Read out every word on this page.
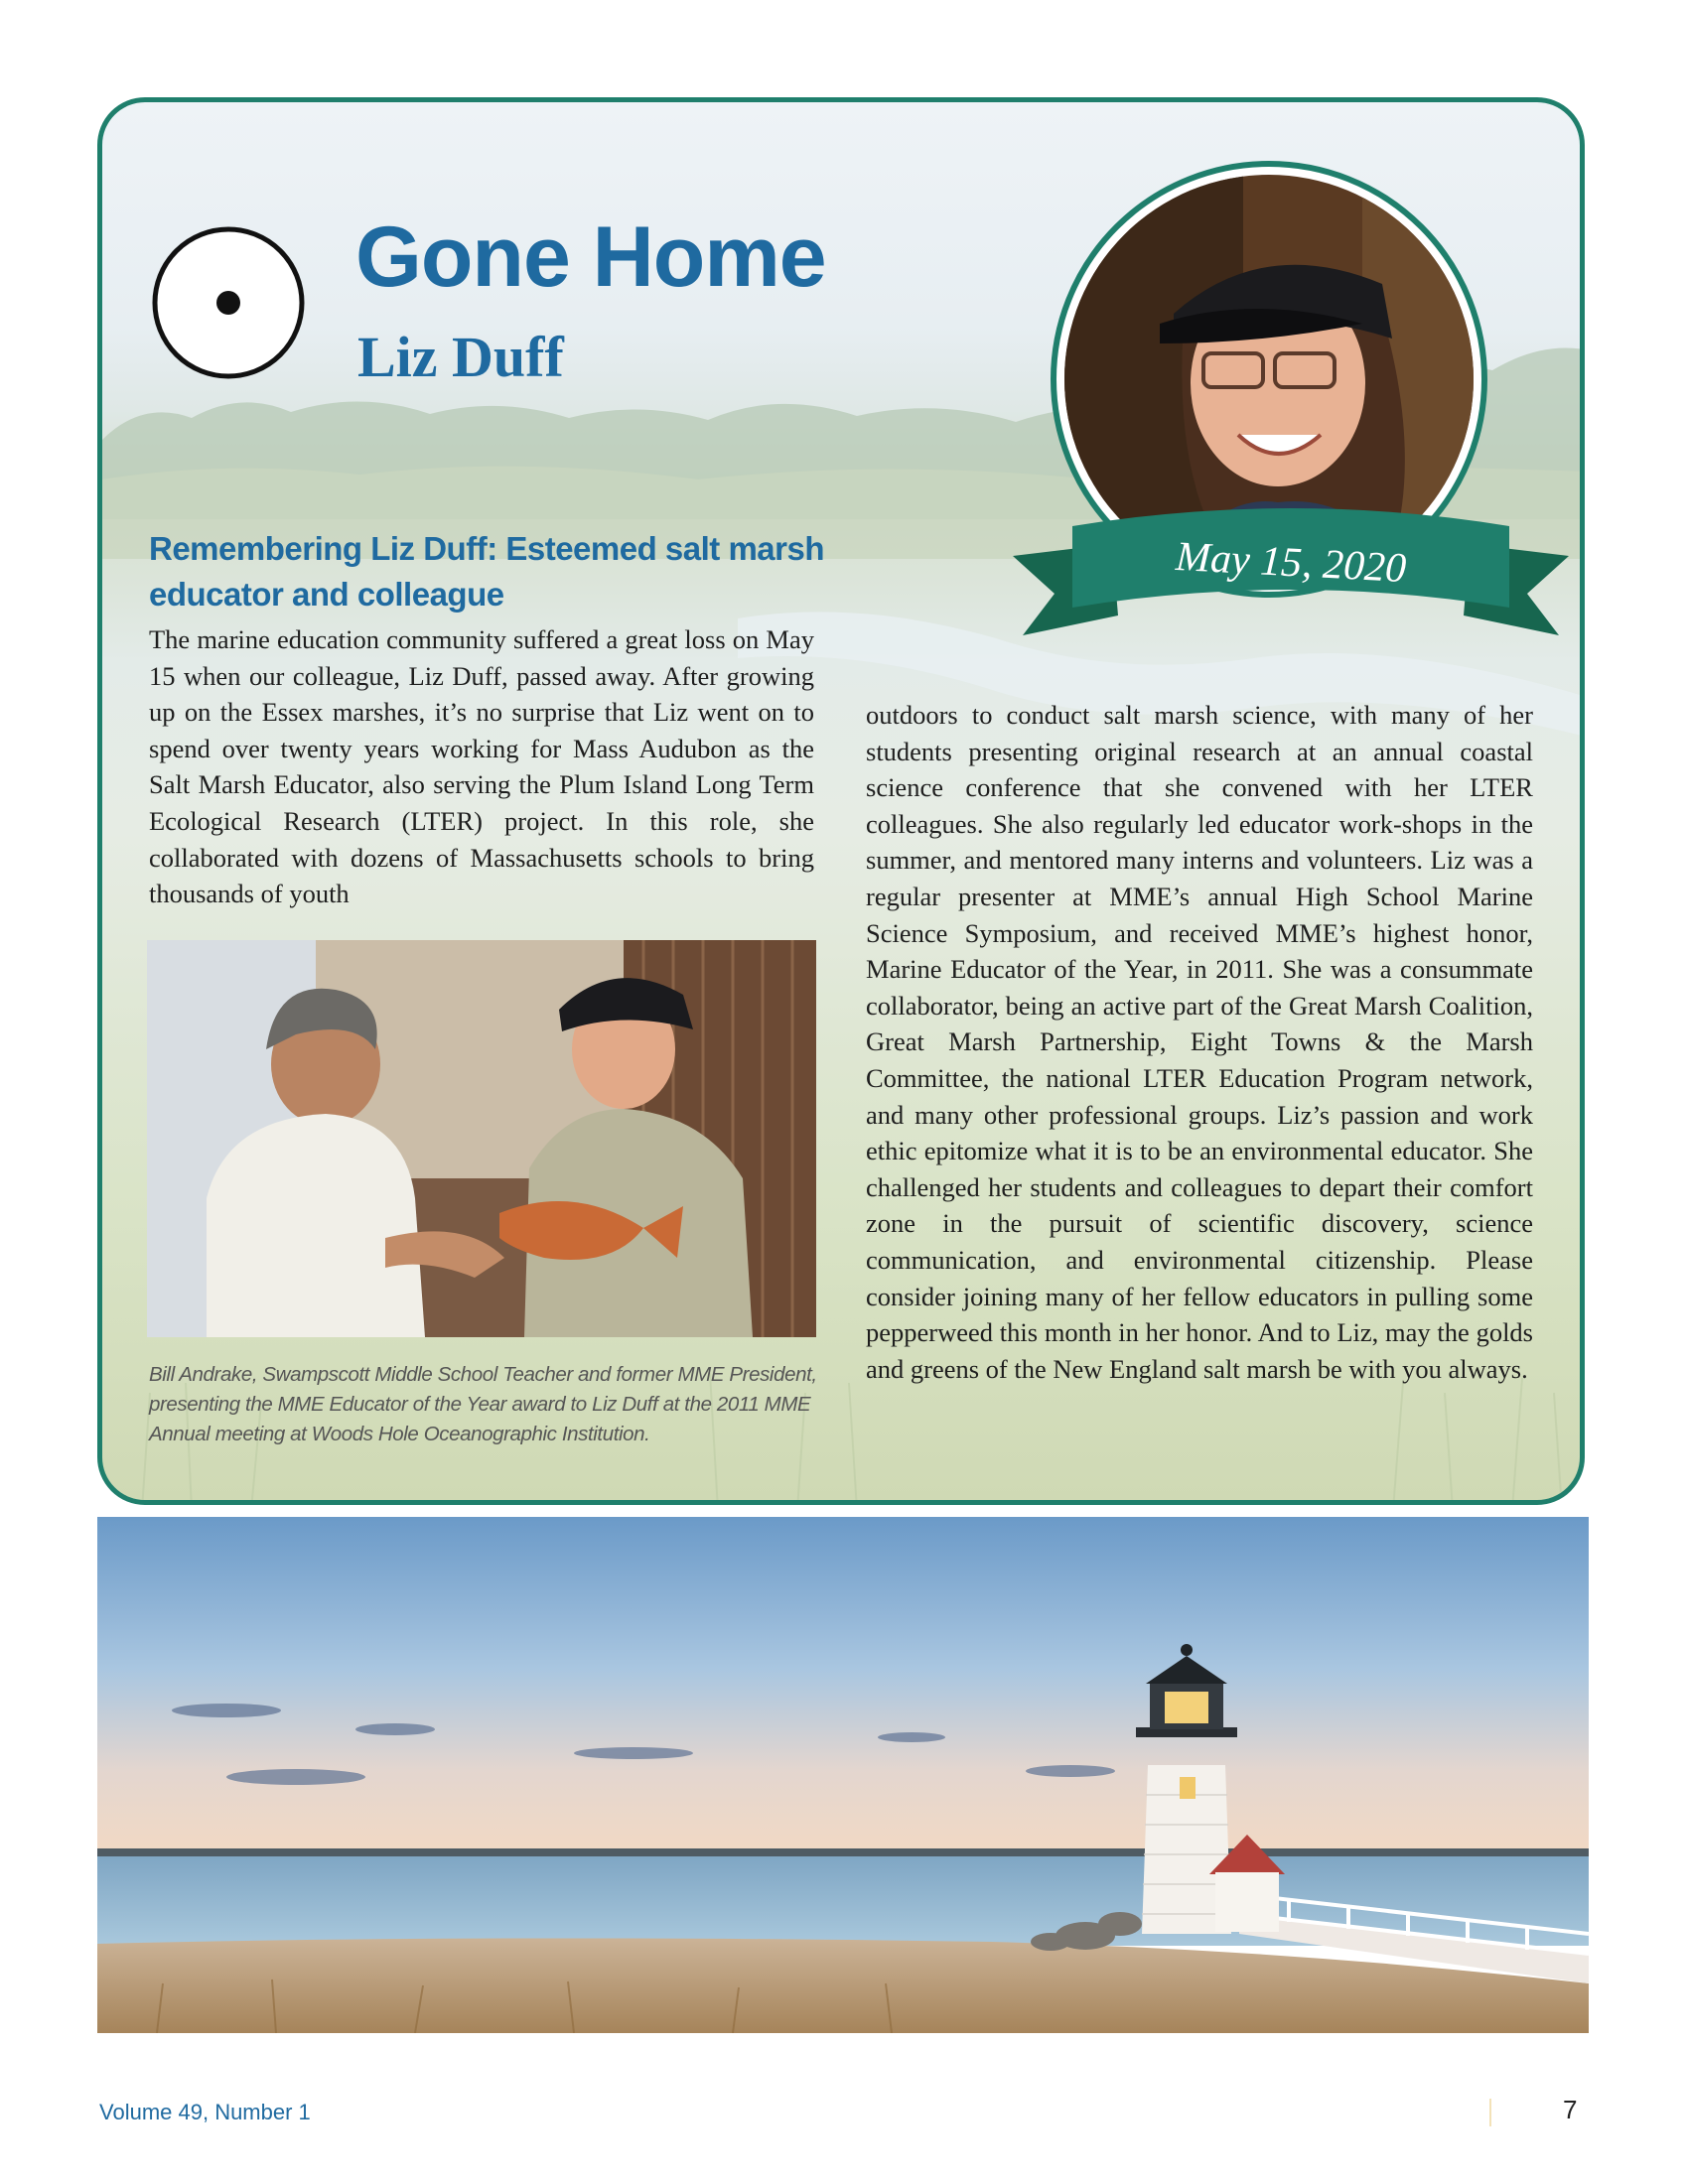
Gone Home
Liz Duff
May 15, 2020
Remembering Liz Duff: Esteemed salt marsh educator and colleague

The marine education community suffered a great loss on May 15 when our colleague, Liz Duff, passed away. After growing up on the Essex marshes, it’s no surprise that Liz went on to spend over twenty years working for Mass Audubon as the Salt Marsh Educator, also serving the Plum Island Long Term Ecological Research (LTER) project. In this role, she collaborated with dozens of Massachusetts schools to bring thousands of youth

Bill Andrake, Swampscott Middle School Teacher and former MME President, presenting the MME Educator of the Year award to Liz Duff at the 2011 MME Annual meeting at Woods Hole Oceanographic Institution.

outdoors to conduct salt marsh science, with many of her students presenting original research at an annual coastal science conference that she convened with her LTER colleagues. She also regularly led educator work-shops in the summer, and mentored many interns and volunteers. Liz was a regular presenter at MME’s annual High School Marine Science Symposium, and received MME’s highest honor, Marine Educator of the Year, in 2011. She was a consummate collaborator, being an active part of the Great Marsh Coalition, Great Marsh Partnership, Eight Towns & the Marsh Committee, the national LTER Education Program network, and many other professional groups. Liz’s passion and work ethic epitomize what it is to be an environmental educator. She challenged her students and colleagues to depart their comfort zone in the pursuit of scientific discovery, science communication, and environmental citizenship. Please consider joining many of her fellow educators in pulling some pepperweed this month in her honor. And to Liz, may the golds and greens of the New England salt marsh be with you always.

Volume 49, Number 1	7
